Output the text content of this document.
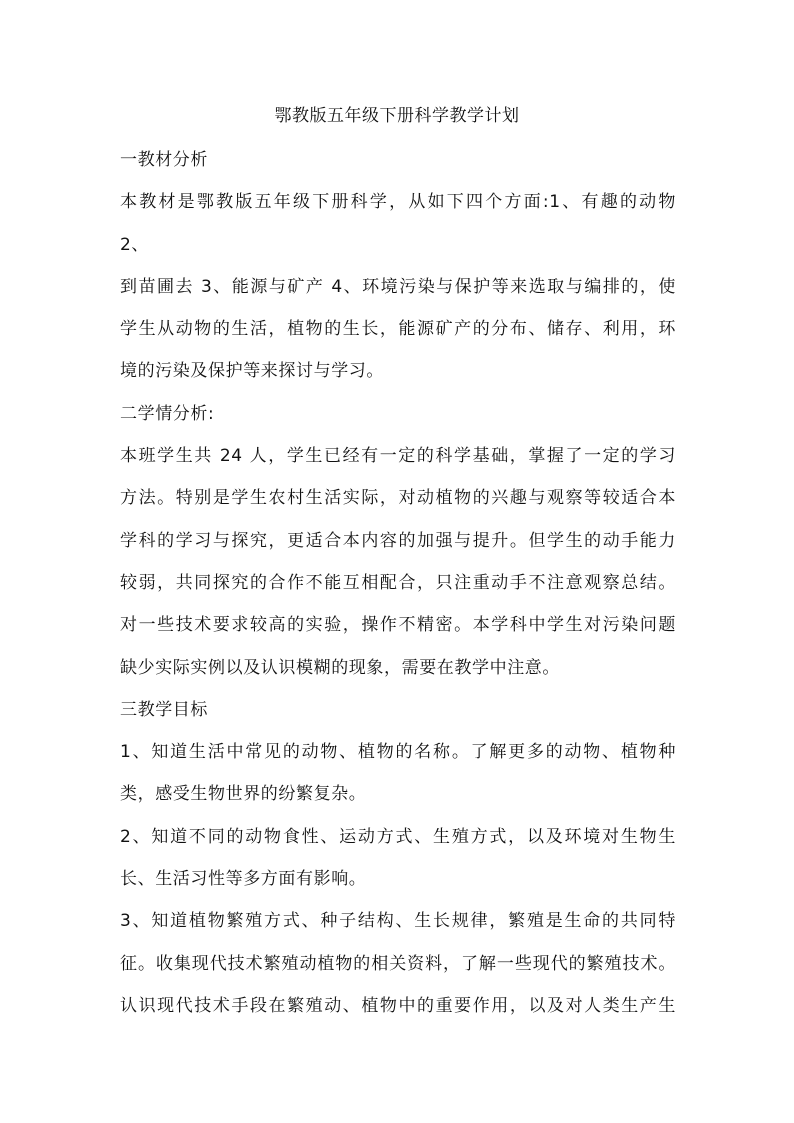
鄂教版五年级下册科学教学计划
一教材分析
本教材是鄂教版五年级下册科学，从如下四个方面:1、有趣的动物
2、
到苗圃去 3、能源与矿产 4、环境污染与保护等来选取与编排的，使
学生从动物的生活，植物的生长，能源矿产的分布、储存、利用，环
境的污染及保护等来探讨与学习。
二学情分析:
本班学生共 24 人，学生已经有一定的科学基础，掌握了一定的学习
方法。特别是学生农村生活实际，对动植物的兴趣与观察等较适合本
学科的学习与探究，更适合本内容的加强与提升。但学生的动手能力
较弱，共同探究的合作不能互相配合，只注重动手不注意观察总结。
对一些技术要求较高的实验，操作不精密。本学科中学生对污染问题
缺少实际实例以及认识模糊的现象，需要在教学中注意。
三教学目标
1、知道生活中常见的动物、植物的名称。了解更多的动物、植物种
类，感受生物世界的纷繁复杂。
2、知道不同的动物食性、运动方式、生殖方式，以及环境对生物生
长、生活习性等多方面有影响。
3、知道植物繁殖方式、种子结构、生长规律，繁殖是生命的共同特
征。收集现代技术繁殖动植物的相关资料，了解一些现代的繁殖技术。
认识现代技术手段在繁殖动、植物中的重要作用，以及对人类生产生
